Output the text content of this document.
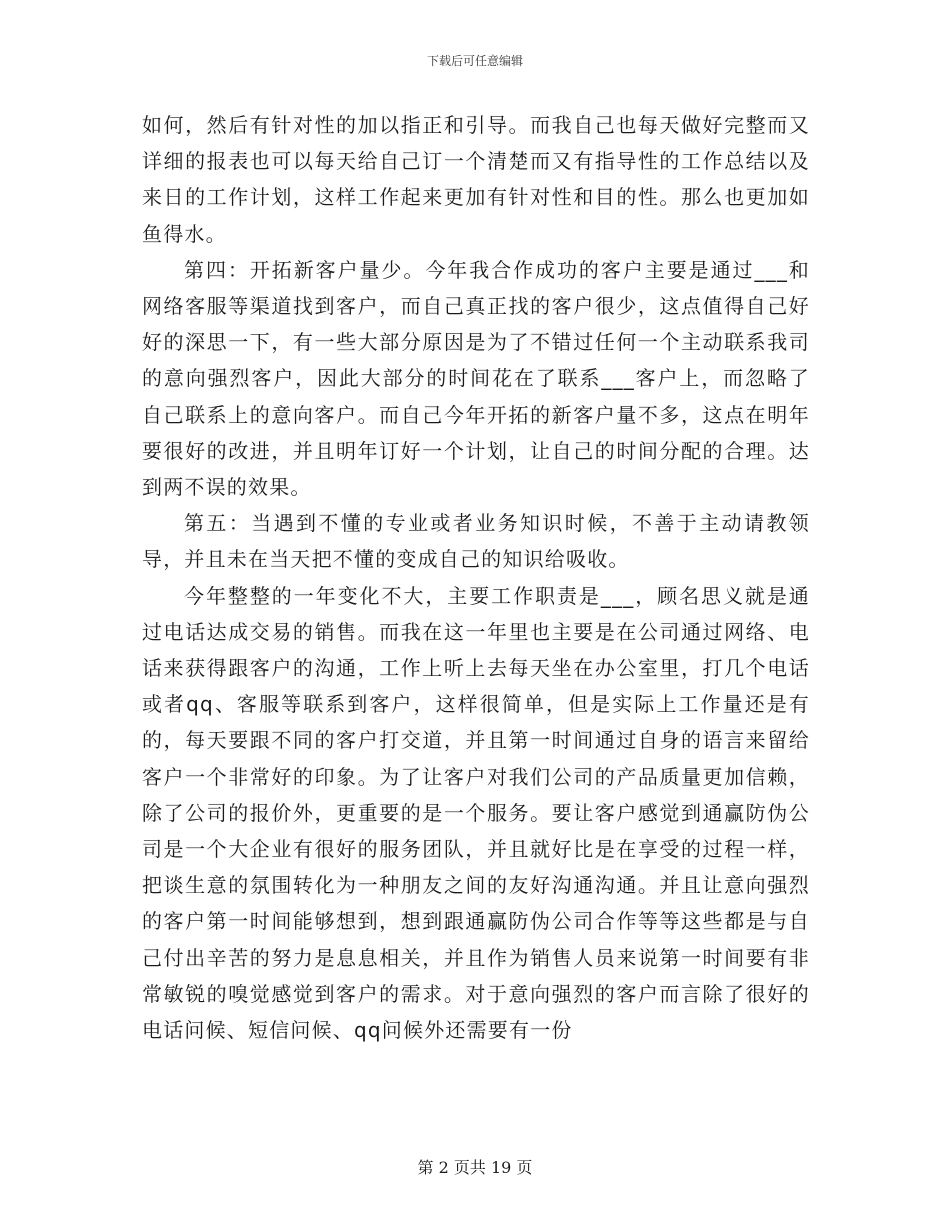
下载后可任意编辑

如何，然后有针对性的加以指正和引导。而我自己也每天做好完整而又详细的报表也可以每天给自己订一个清楚而又有指导性的工作总结以及来日的工作计划，这样工作起来更加有针对性和目的性。那么也更加如鱼得水。

第四：开拓新客户量少。今年我合作成功的客户主要是通过___和网络客服等渠道找到客户，而自己真正找的客户很少，这点值得自己好好的深思一下，有一些大部分原因是为了不错过任何一个主动联系我司的意向强烈客户，因此大部分的时间花在了联系___客户上，而忽略了自己联系上的意向客户。而自己今年开拓的新客户量不多，这点在明年要很好的改进，并且明年订好一个计划，让自己的时间分配的合理。达到两不误的效果。

第五：当遇到不懂的专业或者业务知识时候，不善于主动请教领导，并且未在当天把不懂的变成自己的知识给吸收。

今年整整的一年变化不大，主要工作职责是___，顾名思义就是通过电话达成交易的销售。而我在这一年里也主要是在公司通过网络、电话来获得跟客户的沟通，工作上听上去每天坐在办公室里，打几个电话或者qq、客服等联系到客户，这样很简单，但是实际上工作量还是有的，每天要跟不同的客户打交道，并且第一时间通过自身的语言来留给客户一个非常好的印象。为了让客户对我们公司的产品质量更加信赖，除了公司的报价外，更重要的是一个服务。要让客户感觉到通赢防伪公司是一个大企业有很好的服务团队，并且就好比是在享受的过程一样，把谈生意的氛围转化为一种朋友之间的友好沟通沟通。并且让意向强烈的客户第一时间能够想到，想到跟通赢防伪公司合作等等这些都是与自己付出辛苦的努力是息息相关，并且作为销售人员来说第一时间要有非常敏锐的嗅觉感觉到客户的需求。对于意向强烈的客户而言除了很好的电话问候、短信问候、qq问候外还需要有一份

第 2 页共 19 页
